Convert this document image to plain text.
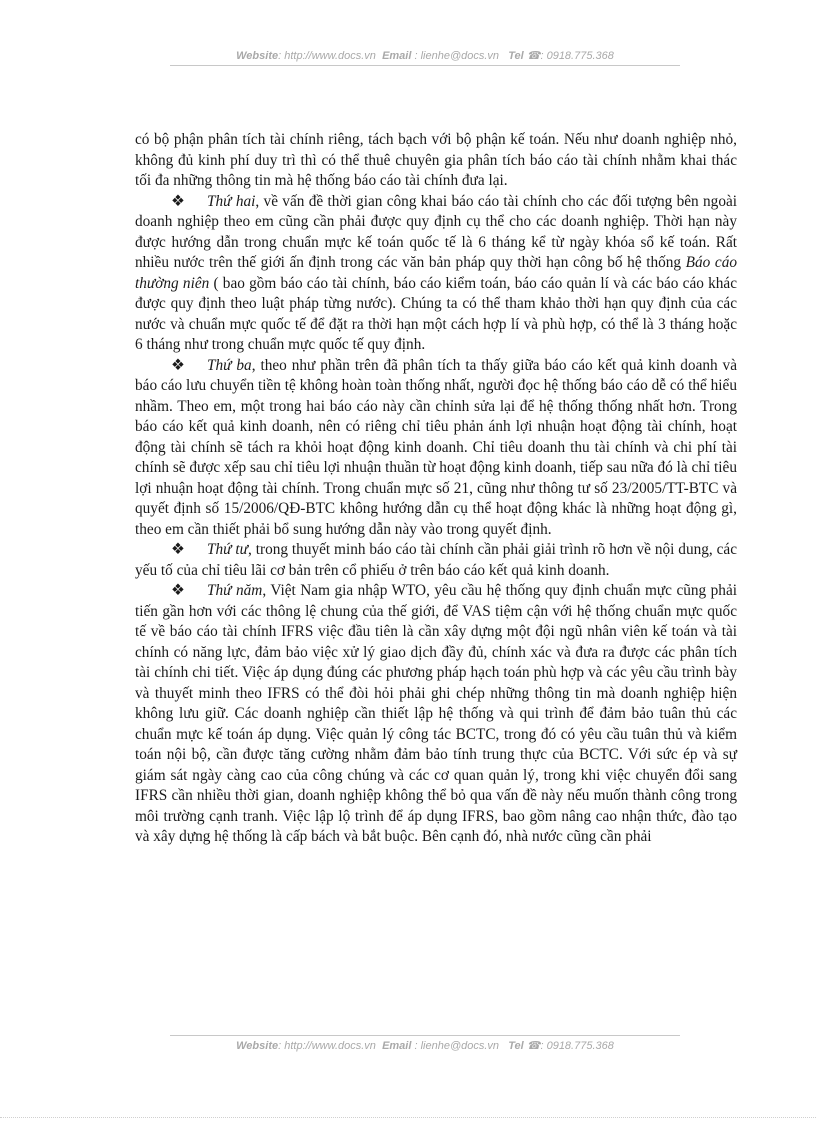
Website: http://www.docs.vn Email : lienhe@docs.vn Tel ☎: 0918.775.368

có bộ phận phân tích tài chính riêng, tách bạch với bộ phận kế toán. Nếu như doanh nghiệp nhỏ, không đủ kinh phí duy trì thì có thể thuê chuyên gia phân tích báo cáo tài chính nhằm khai thác tối đa những thông tin mà hệ thống báo cáo tài chính đưa lại.

❖ Thứ hai, về vấn đề thời gian công khai báo cáo tài chính cho các đối tượng bên ngoài doanh nghiệp theo em cũng cần phải được quy định cụ thể cho các doanh nghiệp. Thời hạn này được hướng dẫn trong chuẩn mực kế toán quốc tế là 6 tháng kể từ ngày khóa sổ kế toán. Rất nhiều nước trên thế giới ấn định trong các văn bản pháp quy thời hạn công bố hệ thống Báo cáo thường niên ( bao gồm báo cáo tài chính, báo cáo kiểm toán, báo cáo quản lí và các báo cáo khác được quy định theo luật pháp từng nước). Chúng ta có thể tham khảo thời hạn quy định của các nước và chuẩn mực quốc tế để đặt ra thời hạn một cách hợp lí và phù hợp, có thể là 3 tháng hoặc 6 tháng như trong chuẩn mực quốc tế quy định.

❖ Thứ ba, theo như phần trên đã phân tích ta thấy giữa báo cáo kết quả kinh doanh và báo cáo lưu chuyển tiền tệ không hoàn toàn thống nhất, người đọc hệ thống báo cáo dễ có thể hiểu nhầm. Theo em, một trong hai báo cáo này cần chỉnh sửa lại để hệ thống thống nhất hơn. Trong báo cáo kết quả kinh doanh, nên có riêng chỉ tiêu phản ánh lợi nhuận hoạt động tài chính, hoạt động tài chính sẽ tách ra khỏi hoạt động kinh doanh. Chỉ tiêu doanh thu tài chính và chi phí tài chính sẽ được xếp sau chỉ tiêu lợi nhuận thuần từ hoạt động kinh doanh, tiếp sau nữa đó là chỉ tiêu lợi nhuận hoạt động tài chính. Trong chuẩn mực số 21, cũng như thông tư số 23/2005/TT-BTC và quyết định số 15/2006/QĐ-BTC không hướng dẫn cụ thể hoạt động khác là những hoạt động gì, theo em cần thiết phải bổ sung hướng dẫn này vào trong quyết định.

❖ Thứ tư, trong thuyết minh báo cáo tài chính cần phải giải trình rõ hơn về nội dung, các yếu tố của chỉ tiêu lãi cơ bản trên cổ phiếu ở trên báo cáo kết quả kinh doanh.

❖ Thứ năm, Việt Nam gia nhập WTO, yêu cầu hệ thống quy định chuẩn mực cũng phải tiến gần hơn với các thông lệ chung của thế giới, để VAS tiệm cận với hệ thống chuẩn mực quốc tế về báo cáo tài chính IFRS việc đầu tiên là cần xây dựng một đội ngũ nhân viên kế toán và tài chính có năng lực, đảm bảo việc xử lý giao dịch đầy đủ, chính xác và đưa ra được các phân tích tài chính chi tiết. Việc áp dụng đúng các phương pháp hạch toán phù hợp và các yêu cầu trình bày và thuyết minh theo IFRS có thể đòi hỏi phải ghi chép những thông tin mà doanh nghiệp hiện không lưu giữ. Các doanh nghiệp cần thiết lập hệ thống và qui trình để đảm bảo tuân thủ các chuẩn mực kế toán áp dụng. Việc quản lý công tác BCTC, trong đó có yêu cầu tuân thủ và kiểm toán nội bộ, cần được tăng cường nhằm đảm bảo tính trung thực của BCTC. Với sức ép và sự giám sát ngày càng cao của công chúng và các cơ quan quản lý, trong khi việc chuyển đổi sang IFRS cần nhiều thời gian, doanh nghiệp không thể bỏ qua vấn đề này nếu muốn thành công trong môi trường cạnh tranh. Việc lập lộ trình để áp dụng IFRS, bao gồm nâng cao nhận thức, đào tạo và xây dựng hệ thống là cấp bách và bắt buộc. Bên cạnh đó, nhà nước cũng cần phải

Website: http://www.docs.vn Email : lienhe@docs.vn Tel ☎: 0918.775.368
